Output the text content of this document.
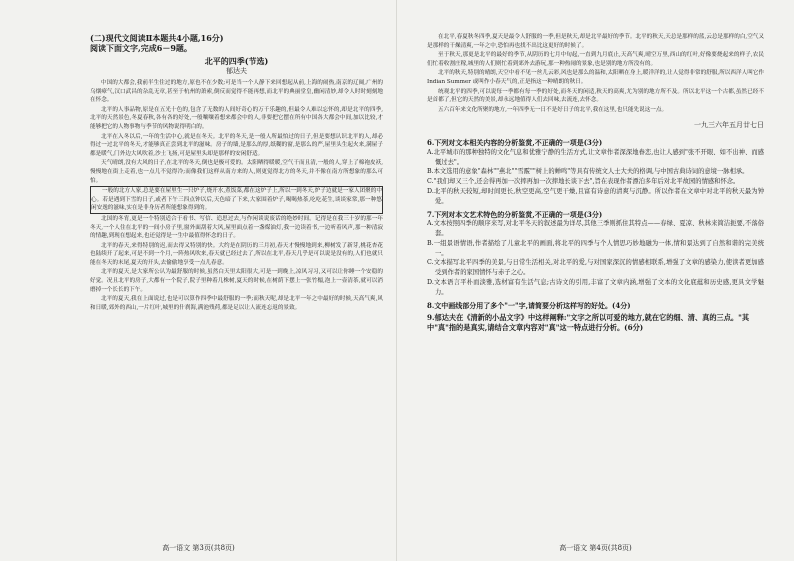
(二)现代文阅读Ⅱ本题共4小题,16分)

阅读下面文字,完成6－9题。

北平的四季(节选)

郁达夫

中国的大都会,我前半生住过的地方,原也不在少数;可是当一个人静下来回想起从前,上海的闹热,南京的辽阔,广州的乌烟瘴气,汉口武昌的杂乱无章,甚至于杭州的萧索,倒反而觉得不能再想,而北平的典丽堂皇,幽闲清妙,却令人时时刻刻地在怀念。

北平的人事品物,原是在五光十色的,包含了无数的人间好奇心的万千乐趣的,但最令人难以忘怀的,却是北平的四季,北平的天然景色,冬夏春秋,各有各的好处,一般嚷嚷着想来都会中的人,非要把它摆在所有中国各大都会中间,加以比较,才能够把它的人物事物与季节的风物说得明白的。

北平在入冬以后,一年的生活中心,就是在冬天。北平的冬天,是一般人所最怕过的日子,但是要想认识北平的人,却必得过一过北平的冬天,才能够真正尝到北平的滋味。房子的墙,是那么的厚,纸糊的窗,是那么的严,屋里头生起火来,满屋子都是暖气,门外边大风吹着,沙土飞扬,可是屋里头却是那样的安闲舒适。

天气晴朗,没有大风的日子,在北平的冬天,倒也是极可爱的。太阳晒得暖暖,空气干而且清,一般的人,穿上了棉袍皮袄,慢慢地在街上走着,也一点儿不觉得冷;而像我们这样从南方来的人,则更觉得北方的冬天,并不像在南方所想象的那么可怕。

一般的北方人家,总是要在屋里生一只炉子,烧开水,煮饭菜,都在这炉子上,所以一到冬天,炉子边就是一家人团聚的中心。若是遇到下雪的日子,或者下午三四点钟以后,天色暗了下来,大家围着炉子,喝喝热茶,吃吃花生,谈谈家常,那一种悠闲安逸的滋味,实在是非身历者所能想象得到的。

北国的冬宵,更是一个特别适合于看书、写信、追思过去,与作闲谈说废话的绝妙时间。记得是在我三十岁的那一年冬天,一个人住在北平的一间小房子里,窗外面刮着大风,屋里面点着一盏煤油灯,我一边读着书,一边听着风声,那一种清寂的情趣,到现在想起来,也还觉得是一生中最值得怀念的日子。

北平的春天,来得特别的迟,而去得又特别的快。大约是在阴历的三月初,春天才慢慢地到来,柳树发了新芽,桃花杏花也陆续开了起来,可是不到一个月,一阵热风吹来,春天就已经过去了,所以在北平,春天几乎是可以说是没有的,人们也就只能在冬天的末尾,夏天的开头,去偷偷地享受一点儿春意。

北平的夏天,是大家所公认为最舒服的时候,虽然白天里太阳很大,可是一到晚上,凉风习习,又可以让你睡一个安稳的好觉。况且北平的房子,大都有一个院子,院子里种着几株树,夏天的时候,在树荫下摆上一张竹榻,泡上一壶清茶,就可以消磨掉一个长长的下午。

北平的夏天,我在上面说过,也是可以算作四季中最舒服的一季;而秋天呢,却是北平一年之中最好的时候,天高气爽,风和日暖,郊外的西山,一片红叶,城里的什刹海,满池残荷,都是足以让人流连忘返的景致。

高一语文 第3页(共8页)

在北平,春夏秋冬四季,夏天是最令人舒服的一季,但是秋天,却是北平最好的季节。北平的秋天,天总是那样的蓝,云总是那样的白,空气又是那样的干燥清爽,一年之中,恐怕再也找不出比这更好的时候了。

至于秋天,那更是北平的最好的季节,从阴历的七月中旬起,一直到九月底止,天高气爽,晴空万里,西山的红叶,好像要烧起来的样子,农民们忙着收割庄稼,城里的人们则忙着到郊外去游玩,那一种热闹的景象,也是别的地方所没有的。

北平的秋天,特别的晴朗,天空中看不见一丝儿云彩,风也是那么的温和,太阳晒在身上,暖洋洋的,让人觉得非常的舒服,所以西洋人叫它作 Indian Summer 或叫作小春天气的,正是指这一种晴朗的秋日。

统观北平的四季,可以说每一季都有每一季的好处,而冬天的闲适,秋天的高爽,尤为别的地方所不及。所以北平这一个古都,虽然已经不是首都了,但它的天然的美景,却永远地值得人们去回味,去流连,去怀念。

五六百年来文化所聚的地方,一年四季无一日不是好日子的北平,我在这里,也只能先说这一点。

一九三六年五月廿七日

6.下列对文本相关内容的分析鉴赏,不正确的一项是(3分)

A.北平城市的那种独特的文化气息和优雅宁静的生活方式,让文章作者深深地眷恋,也让人感到"张不开眼、如不出神、而感慨过去"。

B.本文选用的意象"森林""燕北""雪霰""树上的蝉鸣"等具有传统文人士大夫的格调,与中国古典诗词的意境一脉相承。

C."我们却又三个,还会得再加一次摔再加一次摔地长谈下去",旨在表现作者漂泊多年后对北平故园的情感和怀念。

D.北平的秋天较短,却时间更长,秋空更高,空气更干燥,且富有诗意的清爽与沉静。所以作者在文章中对北平的秋天最为钟爱。

7.下列对本文艺术特色的分析鉴赏,不正确的一项是(3分)

A.文本按照四季的顺序来写,对北平冬天的叙述最为详尽,其他三季则抓住其特点——春绿、夏凉、秋林来简洁扼要,不落俗套。

B.一组景语情语,作者描绘了儿童北平的画面,将北平的四季与个人情思巧妙地融为一体,情和景达到了自然和谐的完美统一。

C.文本描写北平四季的美景,与日常生活相关,对北平的爱,与对国家深沉的情感相联系,增强了文章的感染力,使读者更加感受到作者的家国情怀与赤子之心。

D.文本语言平朴而淡雅,选材富有生活气息;古诗文的引用,丰富了文章内涵,增强了文本的文化底蕴和历史感,更具文学魅力。

8.文中画线部分用了多个"一"字,请简要分析这样写的好处。(4分)

9.郁达夫在《清新的小品文字》中这样阐释:"文字之所以可爱的地方,就在它的细、清、真的三点。"其中"真"指的是真实,请结合文章内容对"真"这一特点进行分析。(6分)

高一语文 第4页(共8页)
